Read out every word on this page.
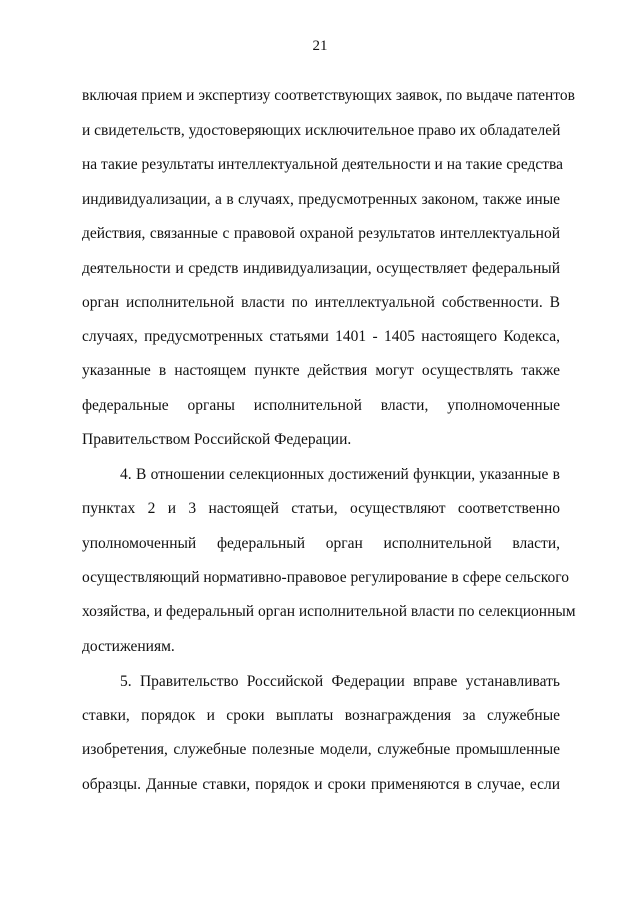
21
включая прием и экспертизу соответствующих заявок, по выдаче патентов
и свидетельств, удостоверяющих исключительное право их обладателей
на такие результаты интеллектуальной деятельности и на такие средства
индивидуализации, а в случаях, предусмотренных законом, также иные
действия, связанные с правовой охраной результатов интеллектуальной
деятельности и средств индивидуализации, осуществляет федеральный
орган исполнительной власти по интеллектуальной собственности. В
случаях, предусмотренных статьями 1401 - 1405 настоящего Кодекса,
указанные в настоящем пункте действия могут осуществлять также
федеральные органы исполнительной власти, уполномоченные
Правительством Российской Федерации.
4. В отношении селекционных достижений функции, указанные в
пунктах 2 и 3 настоящей статьи, осуществляют соответственно
уполномоченный федеральный орган исполнительной власти,
осуществляющий нормативно-правовое регулирование в сфере сельского
хозяйства, и федеральный орган исполнительной власти по селекционным
достижениям.
5. Правительство Российской Федерации вправе устанавливать
ставки, порядок и сроки выплаты вознаграждения за служебные
изобретения, служебные полезные модели, служебные промышленные
образцы. Данные ставки, порядок и сроки применяются в случае, если
